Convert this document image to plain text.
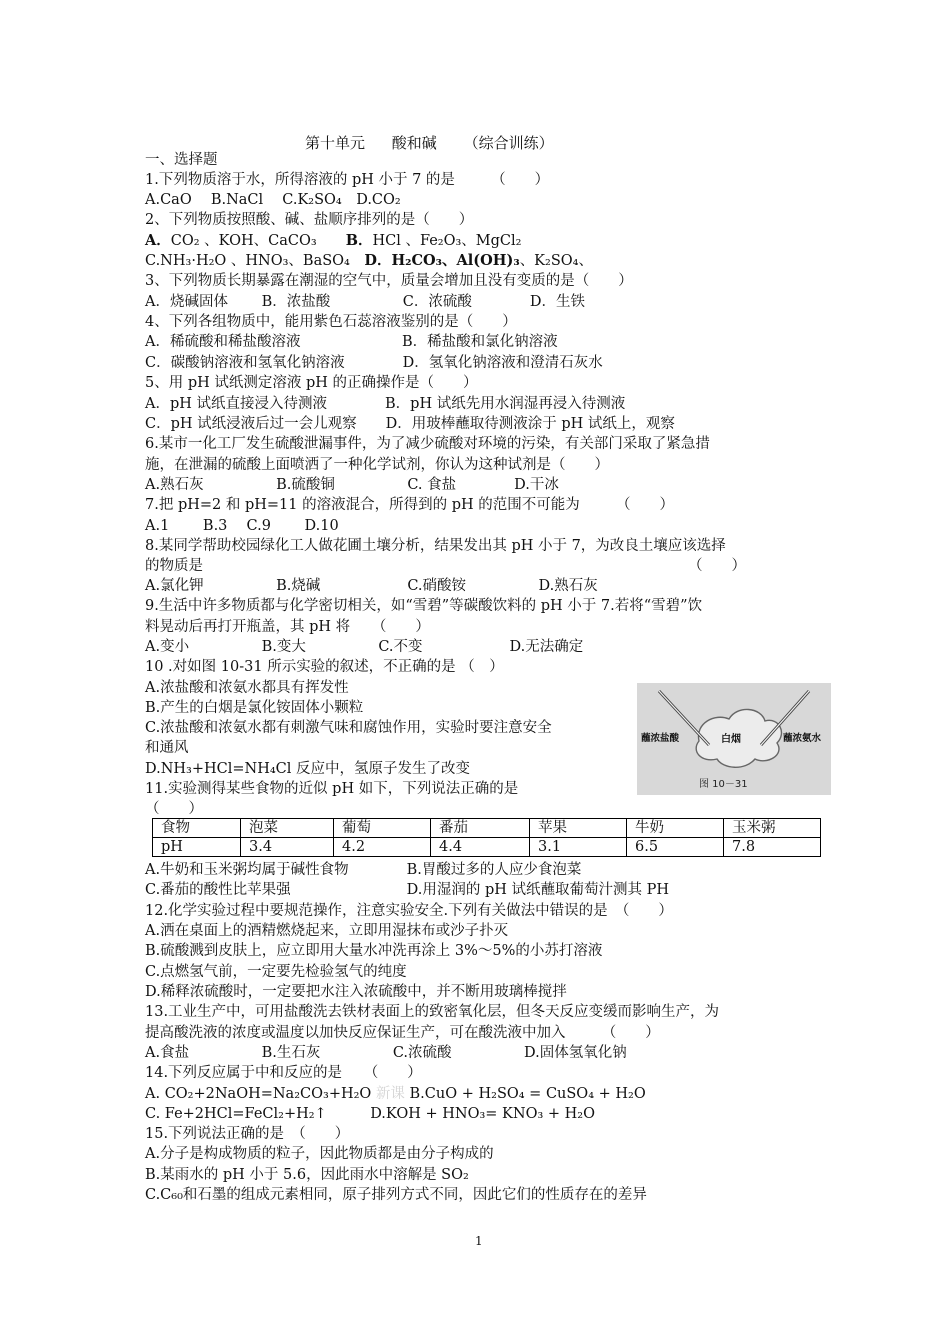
第十单元 酸和碱 （综合训练）
一、选择题
1.下列物质溶于水，所得溶液的 pH 小于 7 的是　　　（　　）
A.CaO　 B.NaCl　 C.K₂SO₄　D.CO₂
2、下列物质按照酸、碱、盐顺序排列的是（　　）
A．CO₂ 、KOH、CaCO₃　　B．HCl 、Fe₂O₃、MgCl₂
C.NH₃·H₂O 、HNO₃、BaSO₄　D．H₂CO₃、Al(OH)₃、K₂SO₄、
3、下列物质长期暴露在潮湿的空气中，质量会增加且没有变质的是（　　）
A．烧碱固体　　 B．浓盐酸　　　　　C．浓硫酸　　　　D．生铁
4、下列各组物质中，能用紫色石蕊溶液鉴别的是（　　）
A．稀硫酸和稀盐酸溶液　　　　　　　B．稀盐酸和氯化钠溶液
C．碳酸钠溶液和氢氧化钠溶液　　　　D．氢氧化钠溶液和澄清石灰水
5、用 pH 试纸测定溶液 pH 的正确操作是（　　）
A．pH 试纸直接浸入待测液　　　　B．pH 试纸先用水润湿再浸入待测液
C．pH 试纸浸液后过一会儿观察　　D．用玻棒蘸取待测液涂于 pH 试纸上，观察
6.某市一化工厂发生硫酸泄漏事件，为了减少硫酸对环境的污染，有关部门采取了紧急措
施，在泄漏的硫酸上面喷洒了一种化学试剂，你认为这种试剂是（　　）
A.熟石灰　　　　　B.硫酸铜　　　　　C. 食盐　　　　D.干冰
7.把 pH=2 和 pH=11 的溶液混合，所得到的 pH 的范围不可能为　　　（　　）
A.1　　 B.3　 C.9　　 D.10
8.某同学帮助校园绿化工人做花圃土壤分析，结果发出其 pH 小于 7，为改良土壤应该选择
的物质是	（　　）
A.氯化钾　　　　　B.烧碱　　　　　　C.硝酸铵　　　　　D.熟石灰
9.生活中许多物质都与化学密切相关，如“雪碧”等碳酸饮料的 pH 小于 7.若将“雪碧”饮
料晃动后再打开瓶盖，其 pH 将　　（　　）
A.变小　　　　　B.变大　　　　　C.不变　　　　　　D.无法确定
10 .对如图 10-31 所示实验的叙述，不正确的是 （　）
A.浓盐酸和浓氨水都具有挥发性
B.产生的白烟是氯化铵固体小颗粒
C.浓盐酸和浓氨水都有刺激气味和腐蚀作用，实验时要注意安全
和通风
D.NH₃+HCl=NH₄Cl 反应中，氢原子发生了改变
11.实验测得某些食物的近似 pH 如下，下列说法正确的是
（　　）
蘸浓盐酸	白烟	蘸浓氨水
图 10－31
食物	泡菜	葡萄	番茄	苹果	牛奶	玉米粥
pH	3.4	4.2	4.4	3.1	6.5	7.8
A.牛奶和玉米粥均属于碱性食物　　　　B.胃酸过多的人应少食泡菜
C.番茄的酸性比苹果强　　　　　　　　D.用湿润的 pH 试纸蘸取葡萄汁测其 PH
12.化学实验过程中要规范操作，注意实验安全.下列有关做法中错误的是　（　　）
A.洒在桌面上的酒精燃烧起来，立即用湿抹布或沙子扑灭
B.硫酸溅到皮肤上，应立即用大量水冲洗再涂上 3%～5%的小苏打溶液
C.点燃氢气前，一定要先检验氢气的纯度
D.稀释浓硫酸时，一定要把水注入浓硫酸中，并不断用玻璃棒搅拌
13.工业生产中，可用盐酸洗去铁材表面上的致密氧化层，但冬天反应变缓而影响生产，为
提高酸洗液的浓度或温度以加快反应保证生产，可在酸洗液中加入　　　（　　）
A.食盐　　　　　B.生石灰　　　　　C.浓硫酸　　　　　D.固体氢氧化钠
14.下列反应属于中和反应的是　　（　　）
A. CO₂+2NaOH=Na₂CO₃+H₂O 新课 B.CuO + H₂SO₄ = CuSO₄ + H₂O
C. Fe+2HCl=FeCl₂+H₂↑　　　D.KOH + HNO₃= KNO₃ + H₂O
15.下列说法正确的是　（　　）
A.分子是构成物质的粒子，因此物质都是由分子构成的
B.某雨水的 pH 小于 5.6，因此雨水中溶解是 SO₂
C.C₆₀和石墨的组成元素相同，原子排列方式不同，因此它们的性质存在的差异
1
